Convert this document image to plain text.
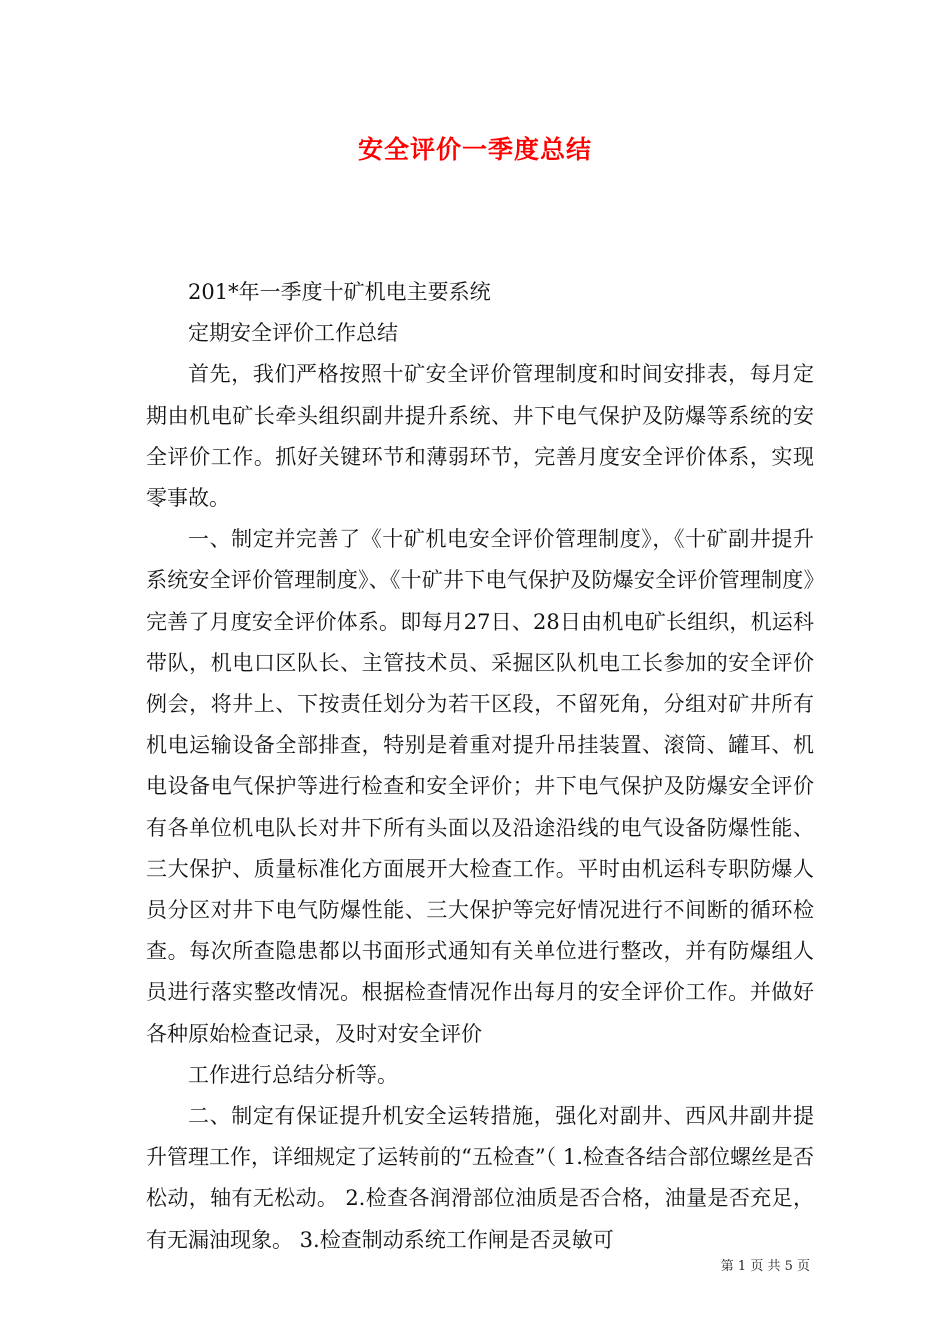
安全评价一季度总结

201*年一季度十矿机电主要系统

定期安全评价工作总结

首先，我们严格按照十矿安全评价管理制度和时间安排表，每月定期由机电矿长牵头组织副井提升系统、井下电气保护及防爆等系统的安全评价工作。抓好关键环节和薄弱环节，完善月度安全评价体系，实现零事故。

一、制定并完善了《十矿机电安全评价管理制度》，《十矿副井提升系统安全评价管理制度》、《十矿井下电气保护及防爆安全评价管理制度》完善了月度安全评价体系。即每月27日、28日由机电矿长组织，机运科带队，机电口区队长、主管技术员、采掘区队机电工长参加的安全评价例会，将井上、下按责任划分为若干区段，不留死角，分组对矿井所有机电运输设备全部排查，特别是着重对提升吊挂装置、滚筒、罐耳、机电设备电气保护等进行检查和安全评价；井下电气保护及防爆安全评价有各单位机电队长对井下所有头面以及沿途沿线的电气设备防爆性能、三大保护、质量标准化方面展开大检查工作。平时由机运科专职防爆人员分区对井下电气防爆性能、三大保护等完好情况进行不间断的循环检查。每次所查隐患都以书面形式通知有关单位进行整改，并有防爆组人员进行落实整改情况。根据检查情况作出每月的安全评价工作。并做好各种原始检查记录，及时对安全评价

工作进行总结分析等。

二、制定有保证提升机安全运转措施，强化对副井、西风井副井提升管理工作，详细规定了运转前的“五检查”（ 1.检查各结合部位螺丝是否松动，轴有无松动。 2.检查各润滑部位油质是否合格，油量是否充足，有无漏油现象。 3.检查制动系统工作闸是否灵敏可

第 1 页 共 5 页
